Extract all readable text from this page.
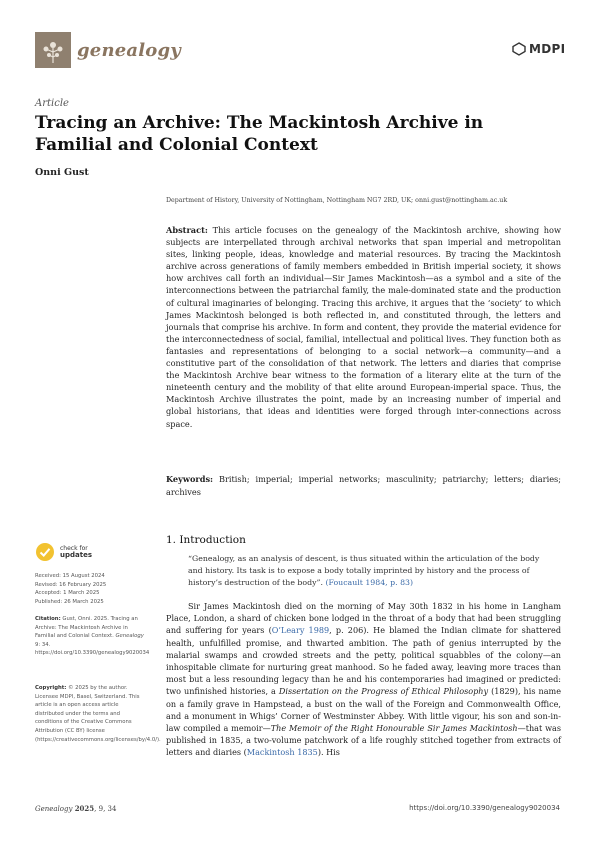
genealogy	MDPI
Article
Tracing an Archive: The Mackintosh Archive in Familial and Colonial Context
Onni Gust
Department of History, University of Nottingham, Nottingham NG7 2RD, UK; onni.gust@nottingham.ac.uk
Abstract: This article focuses on the genealogy of the Mackintosh archive, showing how subjects are interpellated through archival networks that span imperial and metropolitan sites, linking people, ideas, knowledge and material resources. By tracing the Mackintosh archive across generations of family members embedded in British imperial society, it shows how archives call forth an individual—Sir James Mackintosh—as a symbol and a site of the interconnections between the patriarchal family, the male-dominated state and the production of cultural imaginaries of belonging. Tracing this archive, it argues that the ‘society’ to which James Mackintosh belonged is both reflected in, and constituted through, the letters and journals that comprise his archive. In form and content, they provide the material evidence for the interconnectedness of social, familial, intellectual and political lives. They function both as fantasies and representations of belonging to a social network—a community—and a constitutive part of the consolidation of that network. The letters and diaries that comprise the Mackintosh Archive bear witness to the formation of a literary elite at the turn of the nineteenth century and the mobility of that elite around European-imperial space. Thus, the Mackintosh Archive illustrates the point, made by an increasing number of imperial and global historians, that ideas and identities were forged through inter-connections across space.
Keywords: British; imperial; imperial networks; masculinity; patriarchy; letters; diaries; archives
1. Introduction
“Genealogy, as an analysis of descent, is thus situated within the articulation of the body and history. Its task is to expose a body totally imprinted by history and the process of history’s destruction of the body”. (Foucault 1984, p. 83)
Sir James Mackintosh died on the morning of May 30th 1832 in his home in Langham Place, London, a shard of chicken bone lodged in the throat of a body that had been struggling and suffering for years (O’Leary 1989, p. 206). He blamed the Indian climate for shattered health, unfulfilled promise, and thwarted ambition. The path of genius interrupted by the malarial swamps and crowded streets and the petty, political squabbles of the colony—an inhospitable climate for nurturing great manhood. So he faded away, leaving more traces than most but a less resounding legacy than he and his contemporaries had imagined or predicted: two unfinished histories, a Dissertation on the Progress of Ethical Philosophy (1829), his name on a family grave in Hampstead, a bust on the wall of the Foreign and Commonwealth Office, and a monument in Whigs’ Corner of Westminster Abbey. With little vigour, his son and son-in-law compiled a memoir—The Memoir of the Right Honourable Sir James Mackintosh—that was published in 1835, a two-volume patchwork of a life roughly stitched together from extracts of letters and diaries (Mackintosh 1835). His
check for
updates
Received: 15 August 2024
Revised: 16 February 2025
Accepted: 1 March 2025
Published: 26 March 2025
Citation: Gust, Onni. 2025. Tracing an Archive: The Mackintosh Archive in Familial and Colonial Context. Genealogy 9: 34. https://doi.org/10.3390/genealogy9020034
Copyright: © 2025 by the author. Licensee MDPI, Basel, Switzerland. This article is an open access article distributed under the terms and conditions of the Creative Commons Attribution (CC BY) license (https://creativecommons.org/licenses/by/4.0/).
Genealogy 2025, 9, 34	https://doi.org/10.3390/genealogy9020034
